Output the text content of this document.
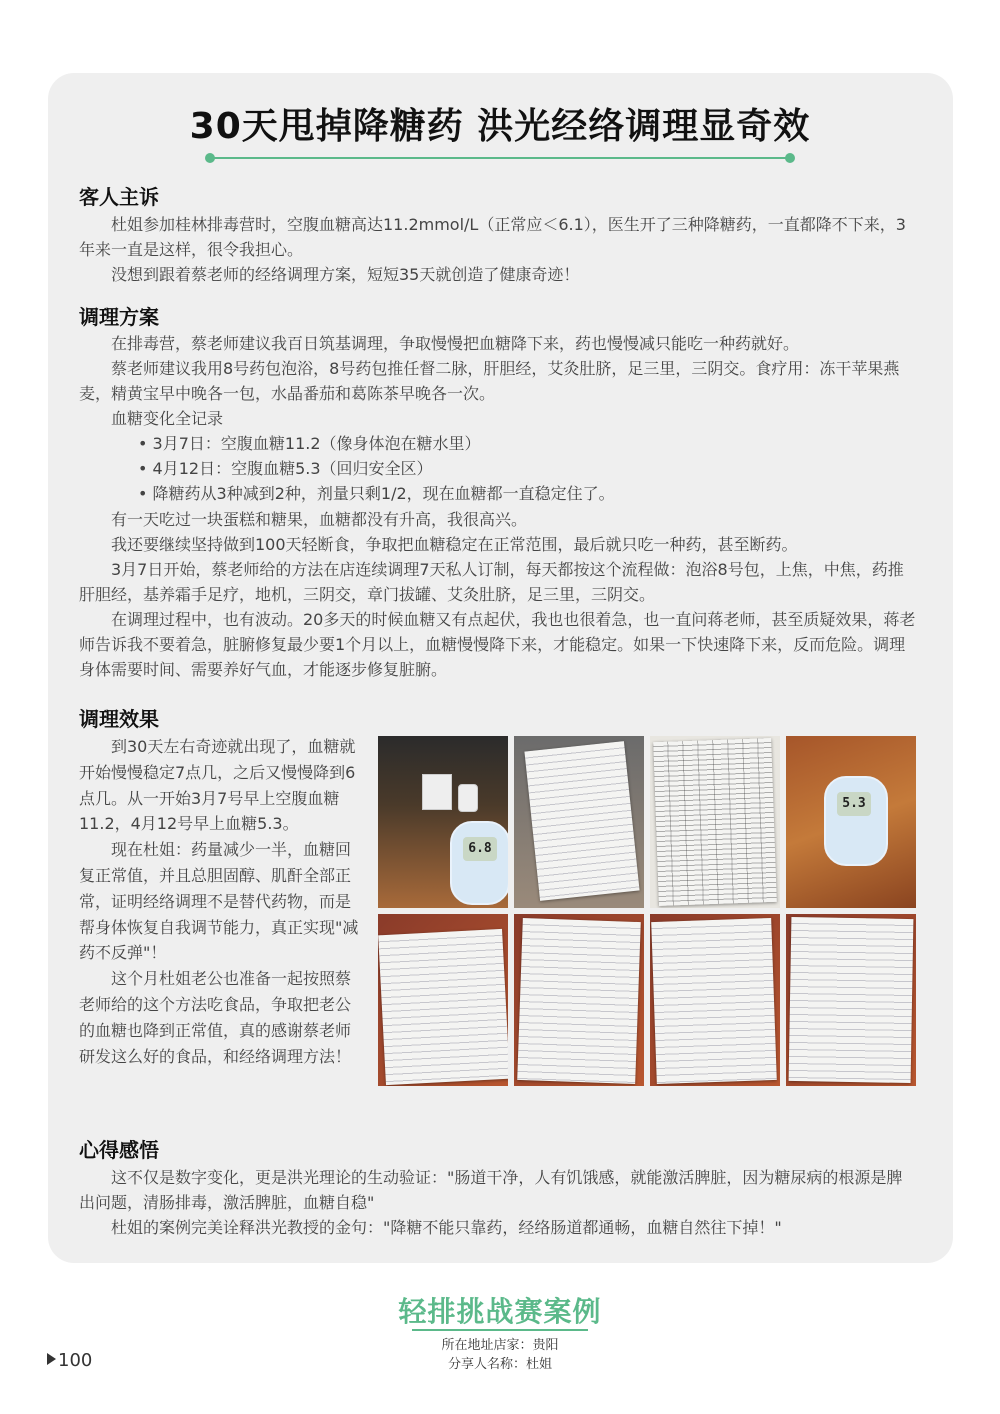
30天甩掉降糖药 洪光经络调理显奇效
客人主诉

杜姐参加桂林排毒营时，空腹血糖高达11.2mmol/L（正常应＜6.1），医生开了三种降糖药，一直都降不下来，3年来一直是这样，很令我担心。

没想到跟着蔡老师的经络调理方案，短短35天就创造了健康奇迹！

调理方案

在排毒营，蔡老师建议我百日筑基调理，争取慢慢把血糖降下来，药也慢慢减只能吃一种药就好。

蔡老师建议我用8号药包泡浴，8号药包推任督二脉，肝胆经，艾灸肚脐，足三里，三阴交。食疗用：冻干苹果燕麦，精黄宝早中晚各一包，水晶番茄和葛陈茶早晚各一次。

血糖变化全记录

• 3月7日：空腹血糖11.2（像身体泡在糖水里）
• 4月12日：空腹血糖5.3（回归安全区）
• 降糖药从3种减到2种，剂量只剩1/2，现在血糖都一直稳定住了。

有一天吃过一块蛋糕和糖果，血糖都没有升高，我很高兴。

我还要继续坚持做到100天轻断食，争取把血糖稳定在正常范围，最后就只吃一种药，甚至断药。

3月7日开始，蔡老师给的方法在店连续调理7天私人订制，每天都按这个流程做：泡浴8号包，上焦，中焦，药推肝胆经，基养霜手足疗，地机，三阴交，章门拔罐、艾灸肚脐，足三里，三阴交。

在调理过程中，也有波动。20多天的时候血糖又有点起伏，我也也很着急，也一直问蒋老师，甚至质疑效果，蒋老师告诉我不要着急，脏腑修复最少要1个月以上，血糖慢慢降下来，才能稳定。如果一下快速降下来，反而危险。调理身体需要时间、需要养好气血，才能逐步修复脏腑。

调理效果

到30天左右奇迹就出现了，血糖就开始慢慢稳定7点几，之后又慢慢降到6点几。从一开始3月7号早上空腹血糖11.2，4月12号早上血糖5.3。

现在杜姐：药量减少一半，血糖回复正常值，并且总胆固醇、肌酐全部正常，证明经络调理不是替代药物，而是帮身体恢复自我调节能力，真正实现"减药不反弹"！

这个月杜姐老公也准备一起按照蔡老师给的这个方法吃食品，争取把老公的血糖也降到正常值，真的感谢蔡老师研发这么好的食品，和经络调理方法！

6.8
5.3
心得感悟

这不仅是数字变化，更是洪光理论的生动验证："肠道干净，人有饥饿感，就能激活脾脏，因为糖尿病的根源是脾出问题，清肠排毒，激活脾脏，血糖自稳"

杜姐的案例完美诠释洪光教授的金句："降糖不能只靠药，经络肠道都通畅，血糖自然往下掉！"

轻排挑战赛案例
所在地址店家：贵阳
分享人名称：杜姐
100
